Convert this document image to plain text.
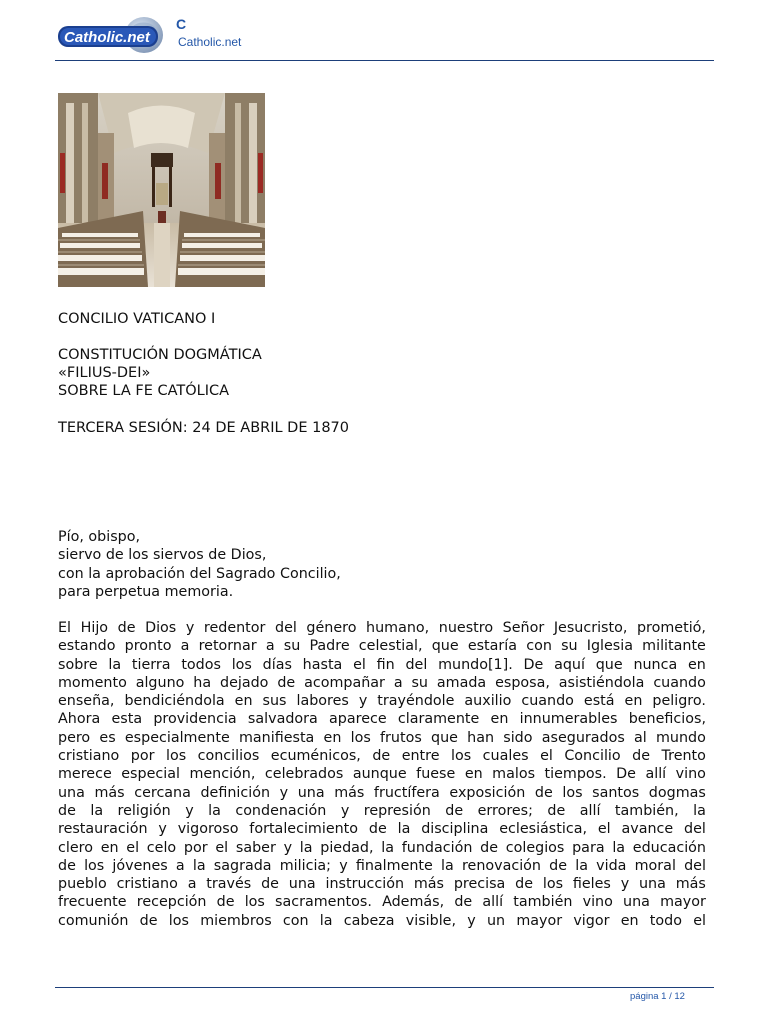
Catholic.net
C
Catholic.net
CONCILIO VATICANO I
CONSTITUCIÓN DOGMÁTICA
«FILIUS-DEI»
SOBRE LA FE CATÓLICA
TERCERA SESIÓN: 24 DE ABRIL DE 1870
Pío, obispo,
siervo de los siervos de Dios,
con la aprobación del Sagrado Concilio,
para perpetua memoria.
El Hijo de Dios y redentor del género humano, nuestro Señor Jesucristo, prometió,
estando pronto a retornar a su Padre celestial, que estaría con su Iglesia militante
sobre la tierra todos los días hasta el fin del mundo[1]. De aquí que nunca en
momento alguno ha dejado de acompañar a su amada esposa, asistiéndola cuando
enseña, bendiciéndola en sus labores y trayéndole auxilio cuando está en peligro.
Ahora esta providencia salvadora aparece claramente en innumerables beneficios,
pero es especialmente manifiesta en los frutos que han sido asegurados al mundo
cristiano por los concilios ecuménicos, de entre los cuales el Concilio de Trento
merece especial mención, celebrados aunque fuese en malos tiempos. De allí vino
una más cercana definición y una más fructífera exposición de los santos dogmas
de la religión y la condenación y represión de errores; de allí también, la
restauración y vigoroso fortalecimiento de la disciplina eclesiástica, el avance del
clero en el celo por el saber y la piedad, la fundación de colegios para la educación
de los jóvenes a la sagrada milicia; y finalmente la renovación de la vida moral del
pueblo cristiano a través de una instrucción más precisa de los fieles y una más
frecuente recepción de los sacramentos. Además, de allí también vino una mayor
comunión de los miembros con la cabeza visible, y un mayor vigor en todo el
página 1 / 12
